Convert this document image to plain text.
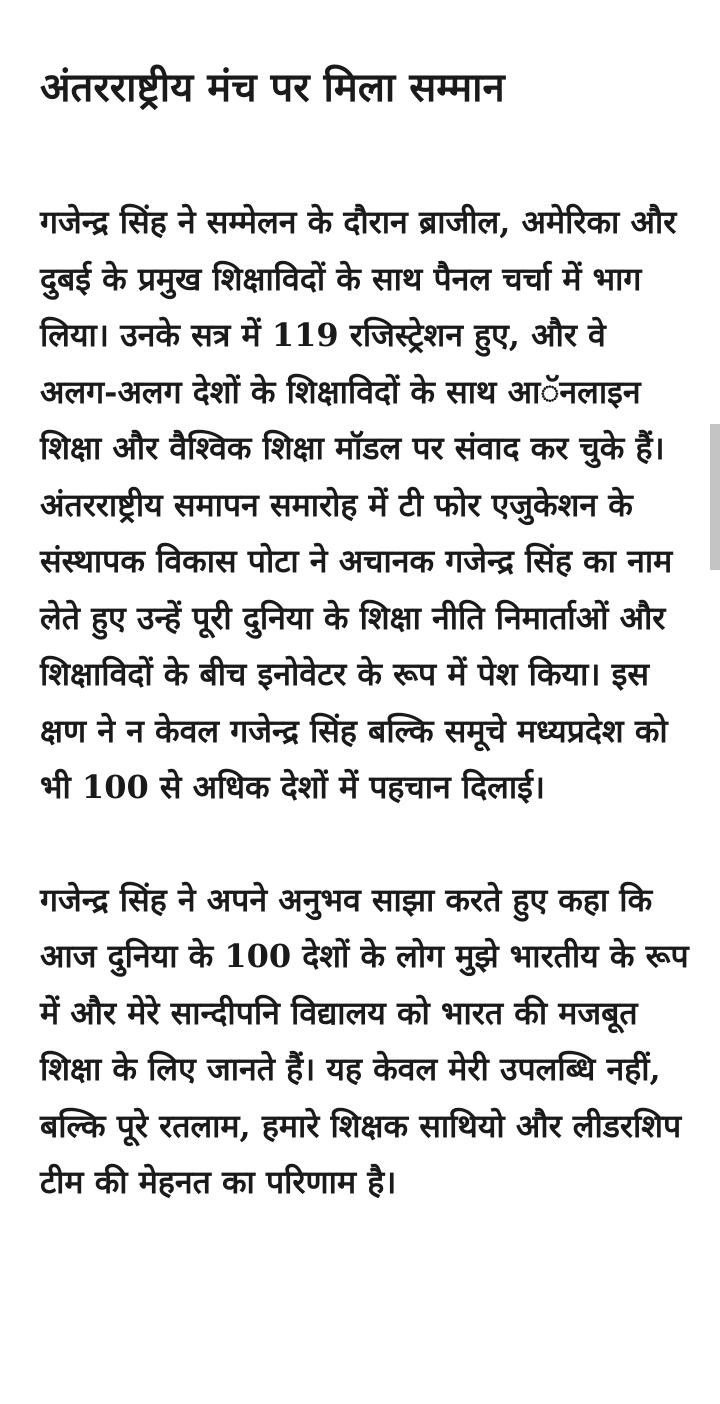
अंतरराष्ट्रीय मंच पर मिला सम्मान

गजेन्द्र सिंह ने सम्मेलन के दौरान ब्राजील, अमेरिका और दुबई के प्रमुख शिक्षाविदों के साथ पैनल चर्चा में भाग लिया। उनके सत्र में 119 रजिस्ट्रेशन हुए, और वे अलग-अलग देशों के शिक्षाविदों के साथ आॅनलाइन शिक्षा और वैश्विक शिक्षा मॉडल पर संवाद कर चुके हैं। अंतरराष्ट्रीय समापन समारोह में टी फोर एजुकेशन के संस्थापक विकास पोटा ने अचानक गजेन्द्र सिंह का नाम लेते हुए उन्हें पूरी दुनिया के शिक्षा नीति निमार्ताओं और शिक्षाविदों के बीच इनोवेटर के रूप में पेश किया। इस क्षण ने न केवल गजेन्द्र सिंह बल्कि समूचे मध्यप्रदेश को भी 100 से अधिक देशों में पहचान दिलाई।

गजेन्द्र सिंह ने अपने अनुभव साझा करते हुए कहा कि आज दुनिया के 100 देशों के लोग मुझे भारतीय के रूप में और मेरे सान्दीपनि विद्यालय को भारत की मजबूत शिक्षा के लिए जानते हैं। यह केवल मेरी उपलब्धि नहीं, बल्कि पूरे रतलाम, हमारे शिक्षक साथियो और लीडरशिप टीम की मेहनत का परिणाम है।
